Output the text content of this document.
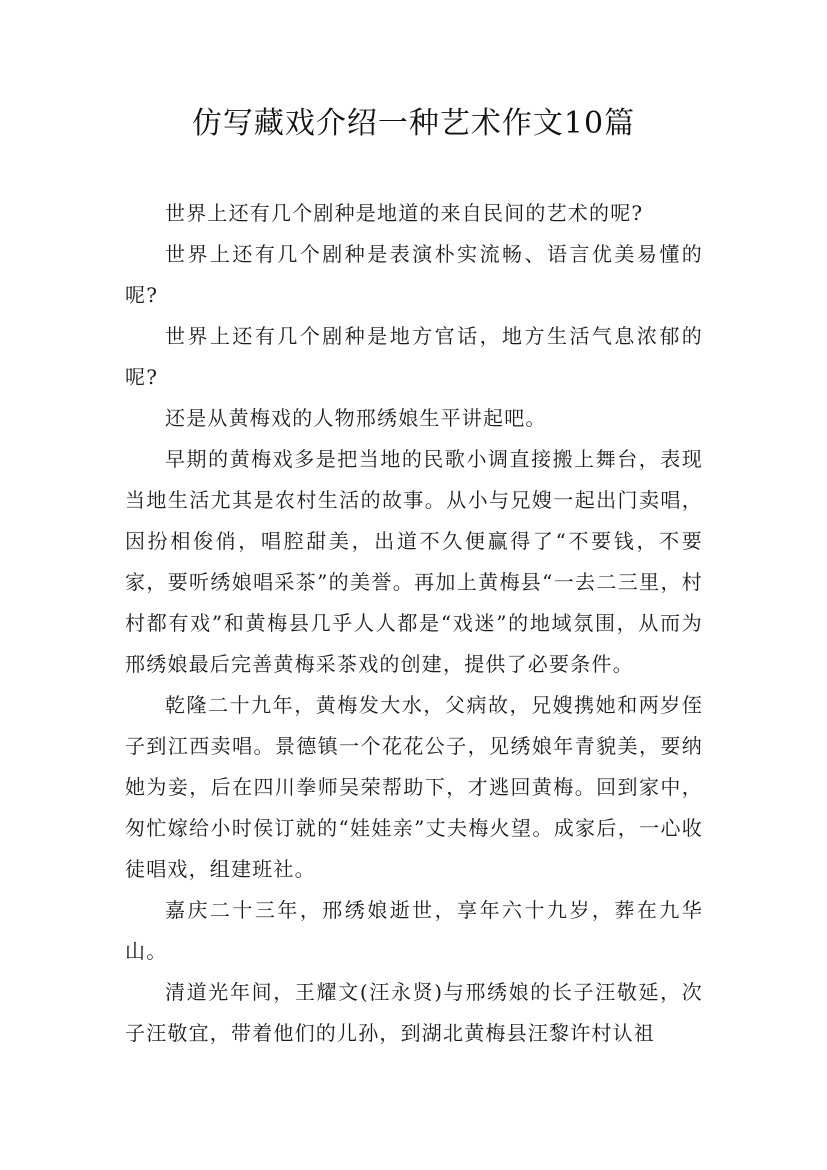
仿写藏戏介绍一种艺术作文10篇

世界上还有几个剧种是地道的来自民间的艺术的呢?

世界上还有几个剧种是表演朴实流畅、语言优美易懂的呢?

世界上还有几个剧种是地方官话，地方生活气息浓郁的呢?

还是从黄梅戏的人物邢绣娘生平讲起吧。

早期的黄梅戏多是把当地的民歌小调直接搬上舞台，表现当地生活尤其是农村生活的故事。从小与兄嫂一起出门卖唱，因扮相俊俏，唱腔甜美，出道不久便赢得了“不要钱，不要家，要听绣娘唱采茶”的美誉。再加上黄梅县“一去二三里，村村都有戏”和黄梅县几乎人人都是“戏迷”的地域氛围，从而为邢绣娘最后完善黄梅采茶戏的创建，提供了必要条件。

乾隆二十九年，黄梅发大水，父病故，兄嫂携她和两岁侄子到江西卖唱。景德镇一个花花公子，见绣娘年青貌美，要纳她为妾，后在四川拳师吴荣帮助下，才逃回黄梅。回到家中，匆忙嫁给小时侯订就的“娃娃亲”丈夫梅火望。成家后，一心收徒唱戏，组建班社。

嘉庆二十三年，邢绣娘逝世，享年六十九岁，葬在九华山。

清道光年间，王耀文(汪永贤)与邢绣娘的长子汪敬延，次子汪敬宜，带着他们的儿孙，到湖北黄梅县汪黎许村认祖
